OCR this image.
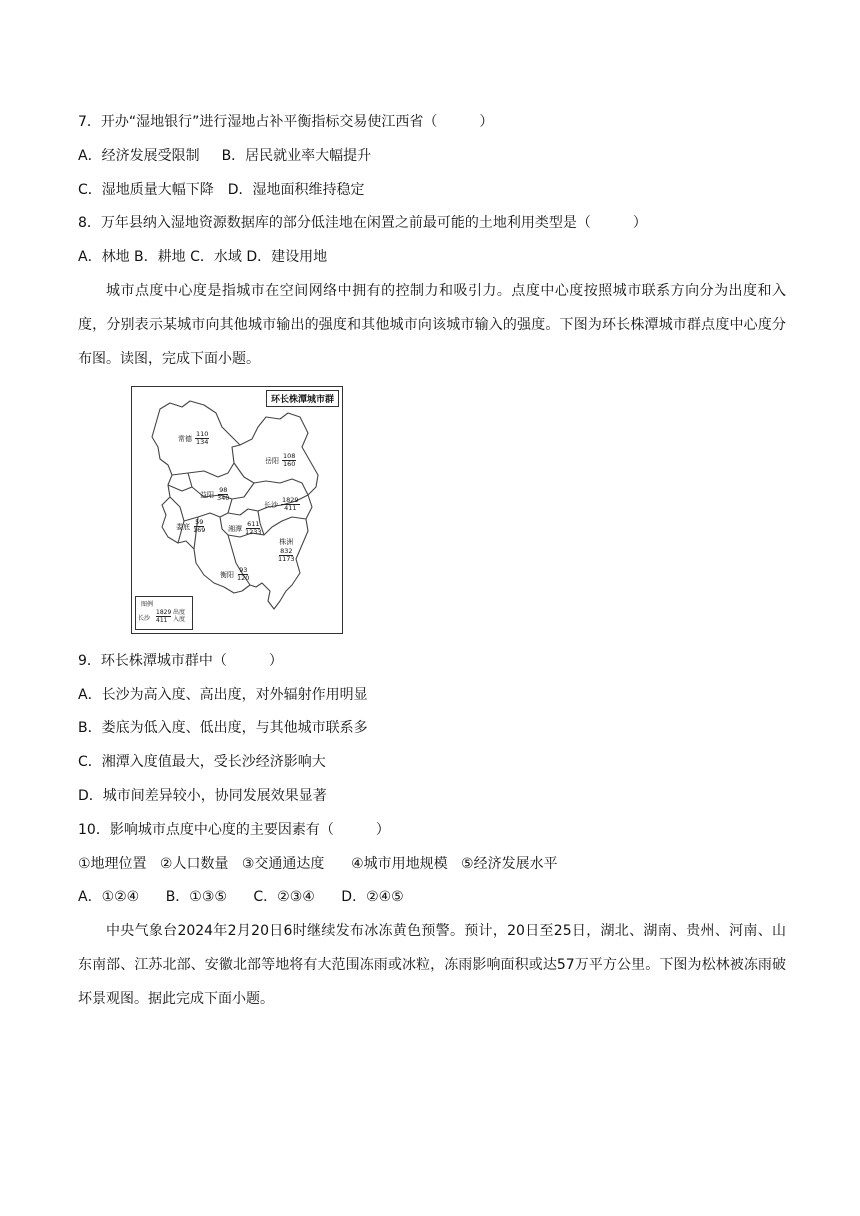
7．开办“湿地银行”进行湿地占补平衡指标交易使江西省（　　　）
A．经济发展受限制 B．居民就业率大幅提升
C．湿地质量大幅下降 D．湿地面积维持稳定
8．万年县纳入湿地资源数据库的部分低洼地在闲置之前最可能的土地利用类型是（　　　）
A．林地 B．耕地 C．水域 D．建设用地
城市点度中心度是指城市在空间网络中拥有的控制力和吸引力。点度中心度按照城市联系方向分为出度和入度，分别表示某城市向其他城市输出的强度和其他城市向该城市输入的强度。下图为环长株潭城市群点度中心度分布图。读图，完成下面小题。
环长株潭城市群
常德 $\frac{110}{134}$
岳阳 $\frac{108}{160}$
益阳 $\frac{98}{340}$
长沙 $\frac{1829}{411}$
娄底 $\frac{59}{169}$	湘潭 $\frac{611}{1233}$
株洲
$\frac{832}{1173}$
衡阳 $\frac{93}{120}$
图例
长沙 $\frac{1829}{411}$ 出度
入度
9．环长株潭城市群中（　　　）
A．长沙为高入度、高出度，对外辐射作用明显
B．娄底为低入度、低出度，与其他城市联系多
C．湘潭入度值最大，受长沙经济影响大
D．城市间差异较小，协同发展效果显著
10．影响城市点度中心度的主要因素有（　　　）
①地理位置 ②人口数量 ③交通通达度 ④城市用地规模 ⑤经济发展水平
A．①②④ B．①③⑤ C．②③④ D．②④⑤
中央气象台2024年2月20日6时继续发布冰冻黄色预警。预计，20日至25日，湖北、湖南、贵州、河南、山东南部、江苏北部、安徽北部等地将有大范围冻雨或冰粒，冻雨影响面积或达57万平方公里。下图为松林被冻雨破坏景观图。据此完成下面小题。
